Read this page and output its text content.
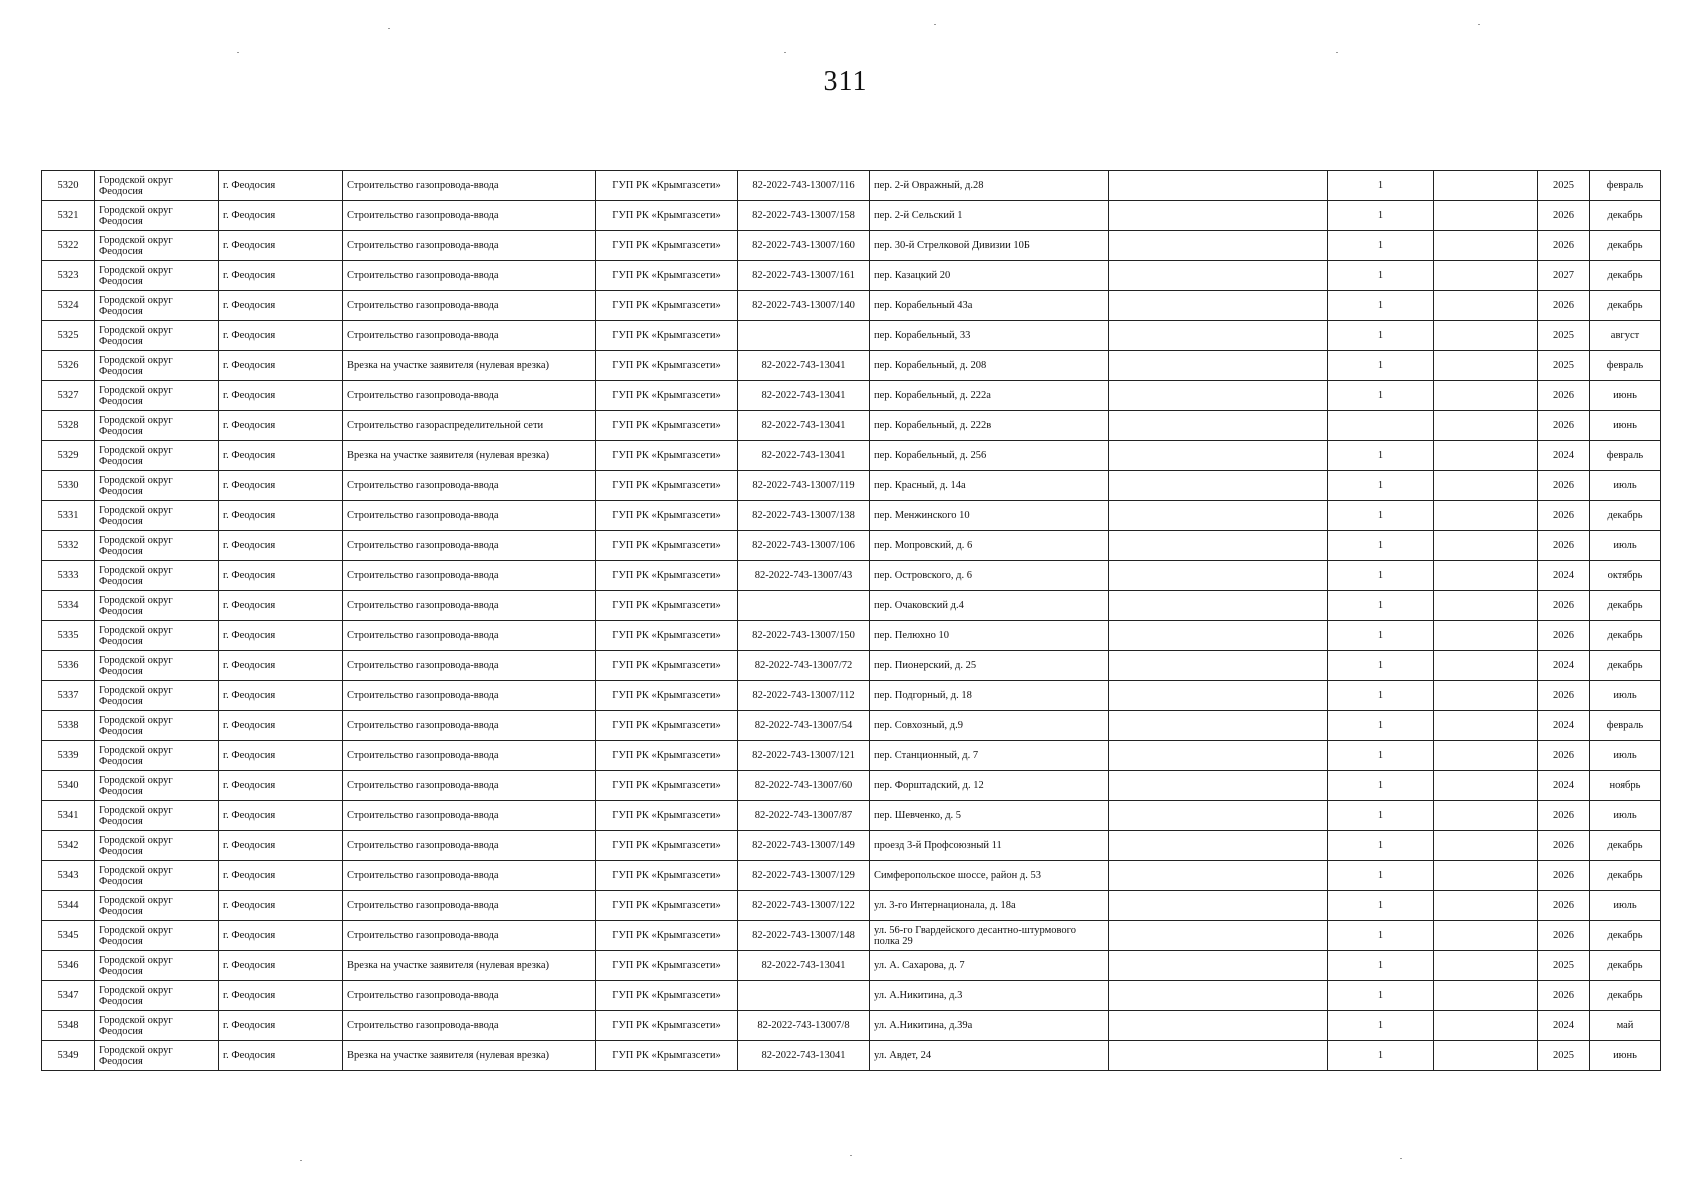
311
5320	Городской округ Феодосия	г. Феодосия	Строительство газопровода-ввода	ГУП РК «Крымгазсети»	82-2022-743-13007/116	пер. 2-й Овражный, д.28		1		2025	февраль
5321	Городской округ Феодосия	г. Феодосия	Строительство газопровода-ввода	ГУП РК «Крымгазсети»	82-2022-743-13007/158	пер. 2-й Сельский 1		1		2026	декабрь
5322	Городской округ Феодосия	г. Феодосия	Строительство газопровода-ввода	ГУП РК «Крымгазсети»	82-2022-743-13007/160	пер. 30-й Стрелковой Дивизии 10Б		1		2026	декабрь
5323	Городской округ Феодосия	г. Феодосия	Строительство газопровода-ввода	ГУП РК «Крымгазсети»	82-2022-743-13007/161	пер. Казацкий 20		1		2027	декабрь
5324	Городской округ Феодосия	г. Феодосия	Строительство газопровода-ввода	ГУП РК «Крымгазсети»	82-2022-743-13007/140	пер. Корабельный 43а		1		2026	декабрь
5325	Городской округ Феодосия	г. Феодосия	Строительство газопровода-ввода	ГУП РК «Крымгазсети»		пер. Корабельный, 33		1		2025	август
5326	Городской округ Феодосия	г. Феодосия	Врезка на участке заявителя (нулевая врезка)	ГУП РК «Крымгазсети»	82-2022-743-13041	пер. Корабельный, д. 208		1		2025	февраль
5327	Городской округ Феодосия	г. Феодосия	Строительство газопровода-ввода	ГУП РК «Крымгазсети»	82-2022-743-13041	пер. Корабельный, д. 222а		1		2026	июнь
5328	Городской округ Феодосия	г. Феодосия	Строительство газораспределительной сети	ГУП РК «Крымгазсети»	82-2022-743-13041	пер. Корабельный, д. 222в				2026	июнь
5329	Городской округ Феодосия	г. Феодосия	Врезка на участке заявителя (нулевая врезка)	ГУП РК «Крымгазсети»	82-2022-743-13041	пер. Корабельный, д. 256		1		2024	февраль
5330	Городской округ Феодосия	г. Феодосия	Строительство газопровода-ввода	ГУП РК «Крымгазсети»	82-2022-743-13007/119	пер. Красный, д. 14а		1		2026	июль
5331	Городской округ Феодосия	г. Феодосия	Строительство газопровода-ввода	ГУП РК «Крымгазсети»	82-2022-743-13007/138	пер. Менжинского 10		1		2026	декабрь
5332	Городской округ Феодосия	г. Феодосия	Строительство газопровода-ввода	ГУП РК «Крымгазсети»	82-2022-743-13007/106	пер. Мопровский, д. 6		1		2026	июль
5333	Городской округ Феодосия	г. Феодосия	Строительство газопровода-ввода	ГУП РК «Крымгазсети»	82-2022-743-13007/43	пер. Островского, д. 6		1		2024	октябрь
5334	Городской округ Феодосия	г. Феодосия	Строительство газопровода-ввода	ГУП РК «Крымгазсети»		пер. Очаковский д.4		1		2026	декабрь
5335	Городской округ Феодосия	г. Феодосия	Строительство газопровода-ввода	ГУП РК «Крымгазсети»	82-2022-743-13007/150	пер. Пелюхно 10		1		2026	декабрь
5336	Городской округ Феодосия	г. Феодосия	Строительство газопровода-ввода	ГУП РК «Крымгазсети»	82-2022-743-13007/72	пер. Пионерский, д. 25		1		2024	декабрь
5337	Городской округ Феодосия	г. Феодосия	Строительство газопровода-ввода	ГУП РК «Крымгазсети»	82-2022-743-13007/112	пер. Подгорный, д. 18		1		2026	июль
5338	Городской округ Феодосия	г. Феодосия	Строительство газопровода-ввода	ГУП РК «Крымгазсети»	82-2022-743-13007/54	пер. Совхозный, д.9		1		2024	февраль
5339	Городской округ Феодосия	г. Феодосия	Строительство газопровода-ввода	ГУП РК «Крымгазсети»	82-2022-743-13007/121	пер. Станционный, д. 7		1		2026	июль
5340	Городской округ Феодосия	г. Феодосия	Строительство газопровода-ввода	ГУП РК «Крымгазсети»	82-2022-743-13007/60	пер. Форштадский, д. 12		1		2024	ноябрь
5341	Городской округ Феодосия	г. Феодосия	Строительство газопровода-ввода	ГУП РК «Крымгазсети»	82-2022-743-13007/87	пер. Шевченко, д. 5		1		2026	июль
5342	Городской округ Феодосия	г. Феодосия	Строительство газопровода-ввода	ГУП РК «Крымгазсети»	82-2022-743-13007/149	проезд 3-й Профсоюзный 11		1		2026	декабрь
5343	Городской округ Феодосия	г. Феодосия	Строительство газопровода-ввода	ГУП РК «Крымгазсети»	82-2022-743-13007/129	Симферопольское шоссе, район д. 53		1		2026	декабрь
5344	Городской округ Феодосия	г. Феодосия	Строительство газопровода-ввода	ГУП РК «Крымгазсети»	82-2022-743-13007/122	ул. 3-го Интернационала, д. 18а		1		2026	июль
5345	Городской округ Феодосия	г. Феодосия	Строительство газопровода-ввода	ГУП РК «Крымгазсети»	82-2022-743-13007/148	ул. 56-го Гвардейского десантно-штурмового полка 29		1		2026	декабрь
5346	Городской округ Феодосия	г. Феодосия	Врезка на участке заявителя (нулевая врезка)	ГУП РК «Крымгазсети»	82-2022-743-13041	ул. А. Сахарова, д. 7		1		2025	декабрь
5347	Городской округ Феодосия	г. Феодосия	Строительство газопровода-ввода	ГУП РК «Крымгазсети»		ул. А.Никитина, д.3		1		2026	декабрь
5348	Городской округ Феодосия	г. Феодосия	Строительство газопровода-ввода	ГУП РК «Крымгазсети»	82-2022-743-13007/8	ул. А.Никитина, д.39а		1		2024	май
5349	Городской округ Феодосия	г. Феодосия	Врезка на участке заявителя (нулевая врезка)	ГУП РК «Крымгазсети»	82-2022-743-13041	ул. Авдет, 24		1		2025	июнь
